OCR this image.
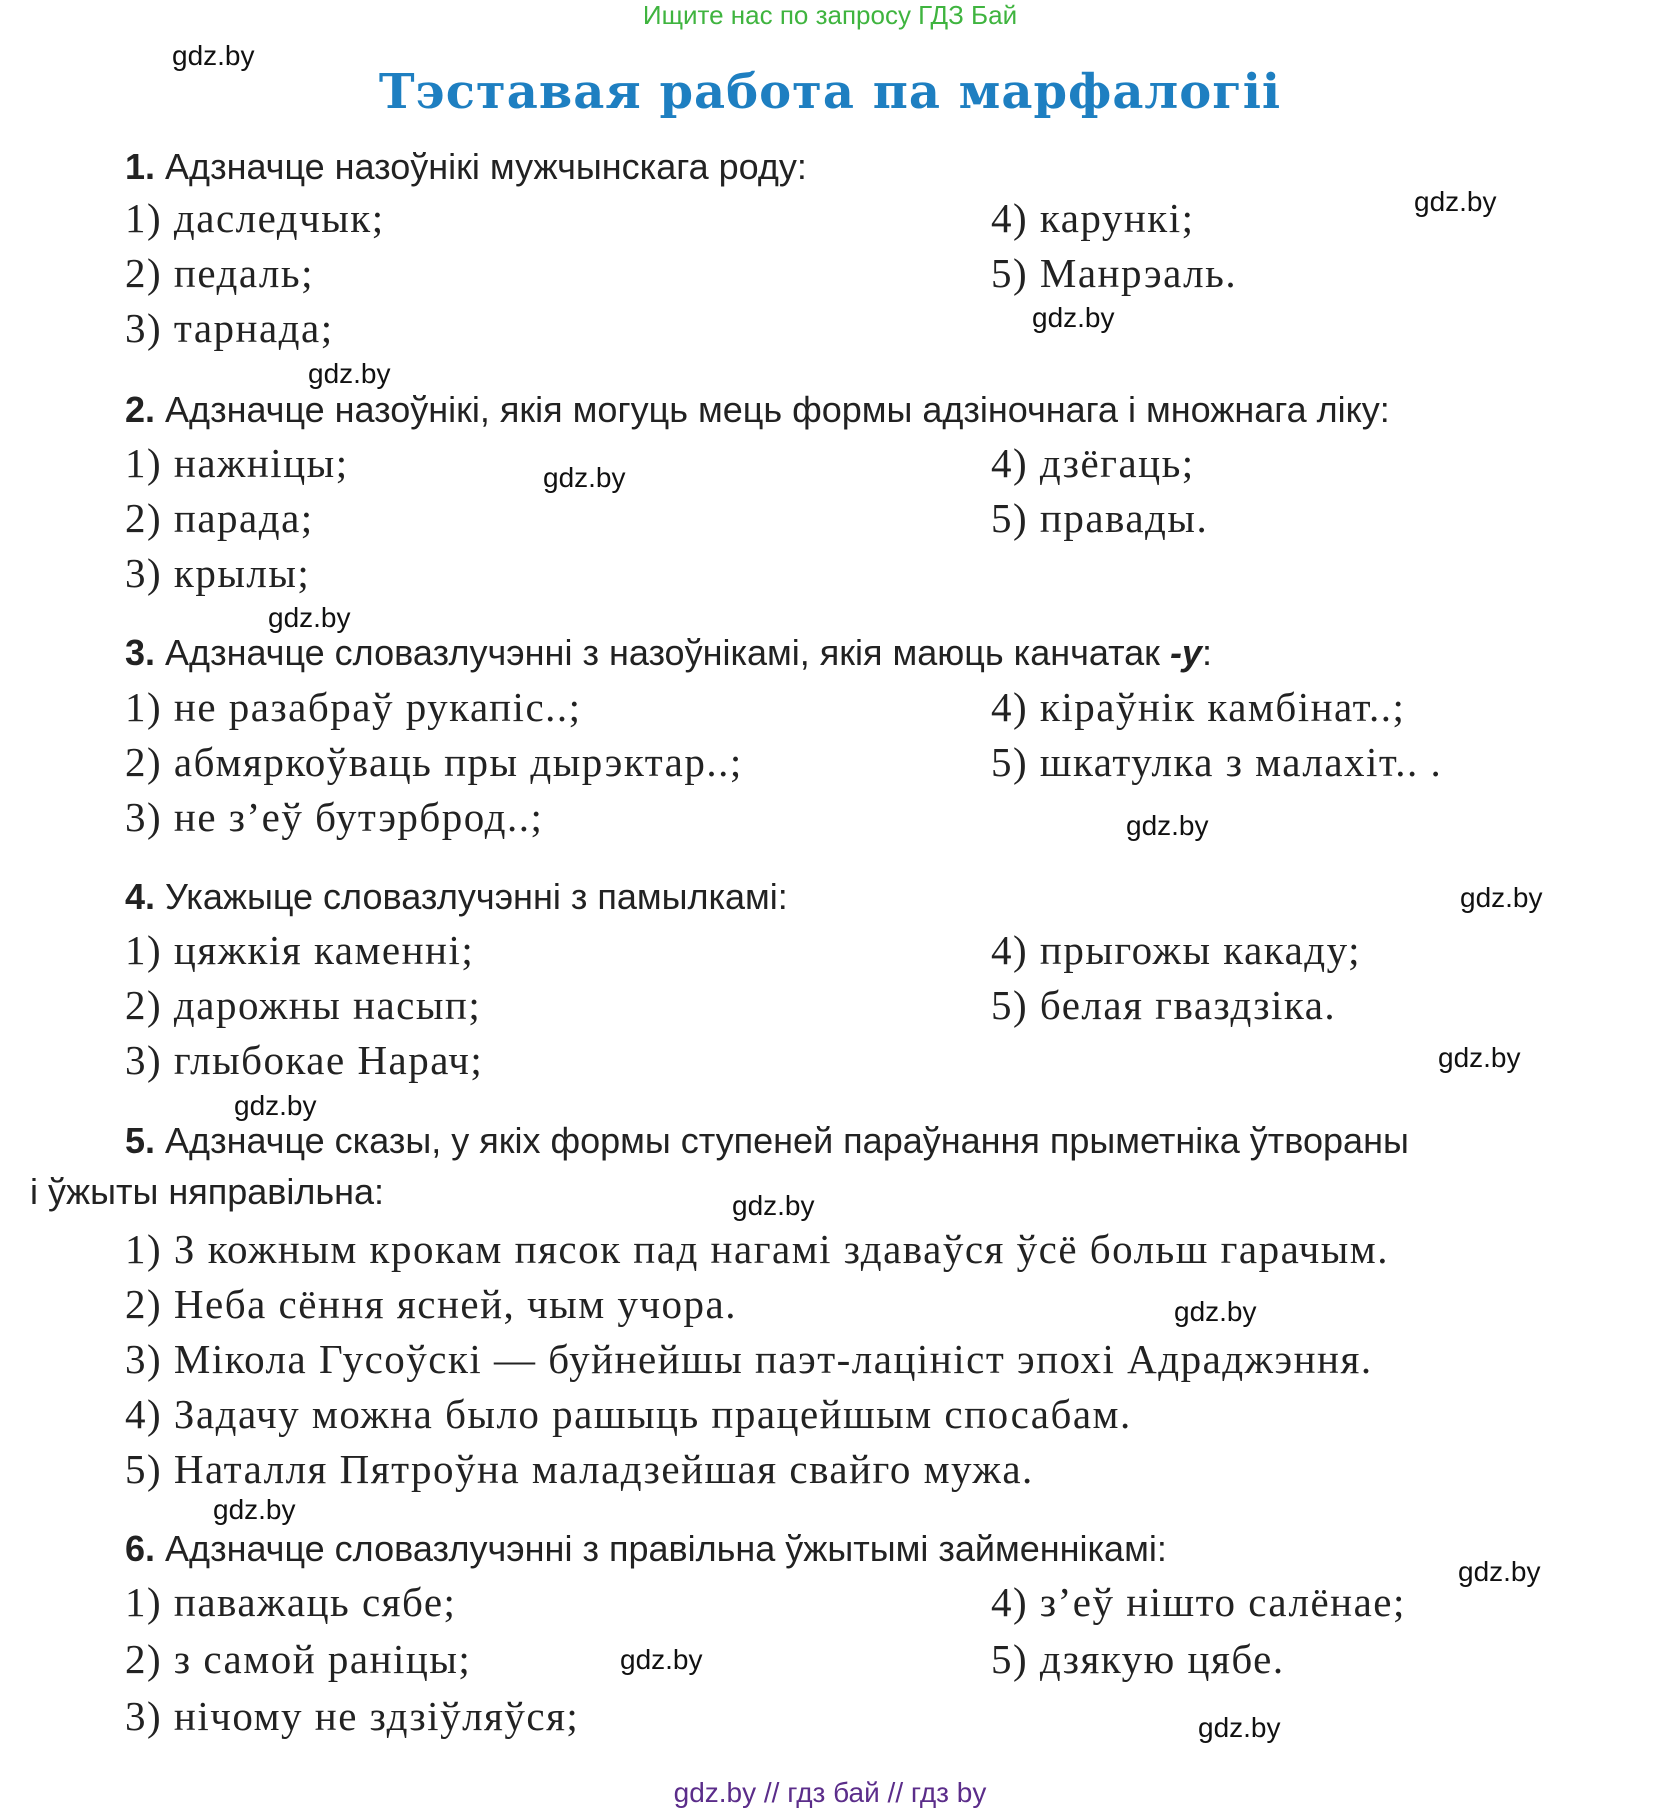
Ищите нас по запросу ГДЗ Бай
Тэставая работа па марфалогіі
1. Адзначце назоўнікі мужчынскага роду:
1) даследчык;
2) педаль;
3) тарнада;
4) карункі;
5) Манрэаль.
2. Адзначце назоўнікі, якія могуць мець формы адзіночнага і множнага ліку:
1) нажніцы;
2) парада;
3) крылы;
4) дзёгаць;
5) правады.
3. Адзначце словазлучэнні з назоўнікамі, якія маюць канчатак -у:
1) не разабраў рукапіс..;
2) абмяркоўваць пры дырэктар..;
3) не з’еў бутэрброд..;
4) кіраўнік камбінат..;
5) шкатулка з малахіт.. .
4. Укажыце словазлучэнні з памылкамі:
1) цяжкія каменні;
2) дарожны насып;
3) глыбокае Нарач;
4) прыгожы какаду;
5) белая гваздзіка.
5. Адзначце сказы, у якіх формы ступеней параўнання прыметніка ўтвораны
і ўжыты няправільна:
1) З кожным крокам пясок пад нагамі здаваўся ўсё больш гарачым.
2) Неба сёння ясней, чым учора.
3) Мікола Гусоўскі — буйнейшы паэт-лацініст эпохі Адраджэння.
4) Задачу можна было рашыць працейшым спосабам.
5) Наталля Пятроўна маладзейшая свайго мужа.
6. Адзначце словазлучэнні з правільна ўжытымі займеннікамі:
1) паважаць сябе;
2) з самой раніцы;
3) нічому не здзіўляўся;
4) з’еў нішто салёнае;
5) дзякую цябе.
gdz.by
gdz.by
gdz.by
gdz.by
gdz.by
gdz.by
gdz.by
gdz.by
gdz.by
gdz.by
gdz.by
gdz.by
gdz.by
gdz.by
gdz.by
gdz.by
gdz.by // гдз бай // гдз by
